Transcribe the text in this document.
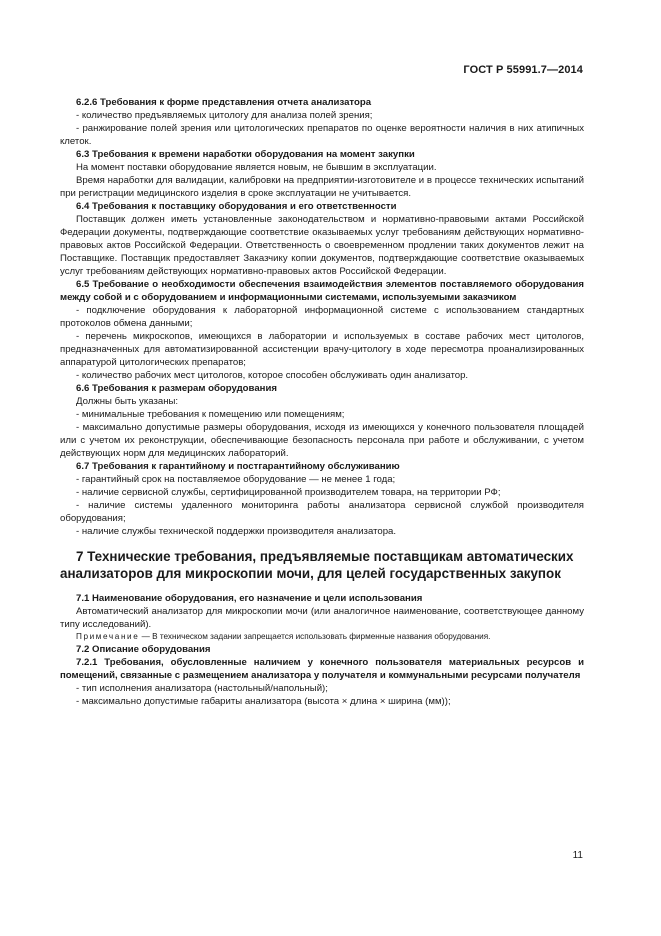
ГОСТ Р 55991.7—2014

6.2.6 Требования к форме представления отчета анализатора

- количество предъявляемых цитологу для анализа полей зрения;

- ранжирование полей зрения или цитологических препаратов по оценке вероятности наличия в них атипичных клеток.

6.3 Требования к времени наработки оборудования на момент закупки

На момент поставки оборудование является новым, не бывшим в эксплуатации.

Время наработки для валидации, калибровки на предприятии-изготовителе и в процессе технических испытаний при регистрации медицинского изделия в сроке эксплуатации не учитывается.

6.4 Требования к поставщику оборудования и его ответственности

Поставщик должен иметь установленные законодательством и нормативно-правовыми актами Российской Федерации документы, подтверждающие соответствие оказываемых услуг требованиям действующих нормативно-правовых актов Российской Федерации. Ответственность о своевременном продлении таких документов лежит на Поставщике. Поставщик предоставляет Заказчику копии документов, подтверждающие соответствие оказываемых услуг требованиям действующих нормативно-правовых актов Российской Федерации.

6.5 Требование о необходимости обеспечения взаимодействия элементов поставляемого оборудования между собой и с оборудованием и информационными системами, используемыми заказчиком

- подключение оборудования к лабораторной информационной системе с использованием стандартных протоколов обмена данными;

- перечень микроскопов, имеющихся в лаборатории и используемых в составе рабочих мест цитологов, предназначенных для автоматизированной ассистенции врачу-цитологу в ходе пересмотра проанализированных аппаратурой цитологических препаратов;

- количество рабочих мест цитологов, которое способен обслуживать один анализатор.

6.6 Требования к размерам оборудования

Должны быть указаны:

- минимальные требования к помещению или помещениям;

- максимально допустимые размеры оборудования, исходя из имеющихся у конечного пользователя площадей или с учетом их реконструкции, обеспечивающие безопасность персонала при работе и обслуживании, с учетом действующих норм для медицинских лабораторий.

6.7 Требования к гарантийному и постгарантийному обслуживанию

- гарантийный срок на поставляемое оборудование — не менее 1 года;

- наличие сервисной службы, сертифицированной производителем товара, на территории РФ;

- наличие системы удаленного мониторинга работы анализатора сервисной службой производителя оборудования;

- наличие службы технической поддержки производителя анализатора.

7 Технические требования, предъявляемые поставщикам автоматических анализаторов для микроскопии мочи, для целей государственных закупок

7.1 Наименование оборудования, его назначение и цели использования

Автоматический анализатор для микроскопии мочи (или аналогичное наименование, соответствующее данному типу исследований).

Примечание — В техническом задании запрещается использовать фирменные названия оборудования.

7.2 Описание оборудования

7.2.1 Требования, обусловленные наличием у конечного пользователя материальных ресурсов и помещений, связанные с размещением анализатора у получателя и коммунальными ресурсами получателя

- тип исполнения анализатора (настольный/напольный);

- максимально допустимые габариты анализатора (высота × длина × ширина (мм));

11
